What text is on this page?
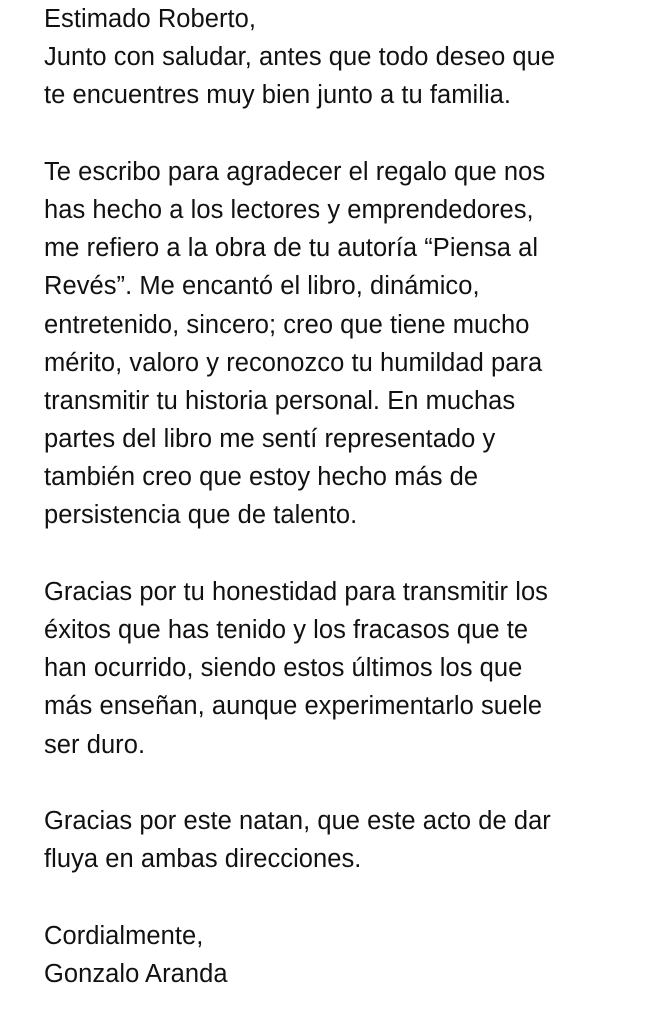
Estimado Roberto,
Junto con saludar, antes que todo deseo que
te encuentres muy bien junto a tu familia.
Te escribo para agradecer el regalo que nos
has hecho a los lectores y emprendedores,
me refiero a la obra de tu autoría “Piensa al
Revés”. Me encantó el libro, dinámico,
entretenido, sincero; creo que tiene mucho
mérito, valoro y reconozco tu humildad para
transmitir tu historia personal. En muchas
partes del libro me sentí representado y
también creo que estoy hecho más de
persistencia que de talento.
Gracias por tu honestidad para transmitir los
éxitos que has tenido y los fracasos que te
han ocurrido, siendo estos últimos los que
más enseñan, aunque experimentarlo suele
ser duro.
Gracias por este natan, que este acto de dar
fluya en ambas direcciones.
Cordialmente,
Gonzalo Aranda
